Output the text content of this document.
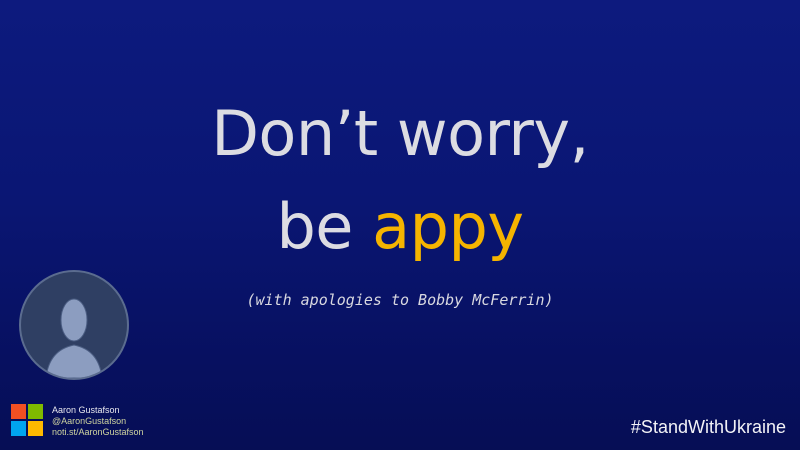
Don’t worry,
be appy
(with apologies to Bobby McFerrin)
Aaron Gustafson
@AaronGustafson
noti.st/AaronGustafson	#StandWithUkraine
